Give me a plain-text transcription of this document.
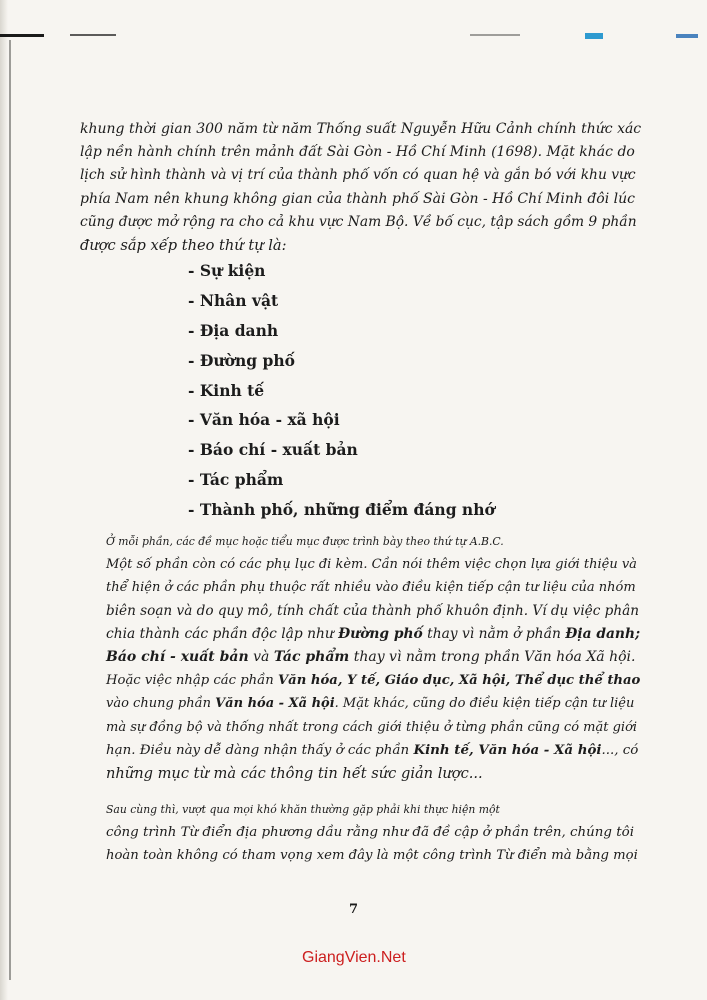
khung thời gian 300 năm từ năm Thống suất Nguyễn Hữu Cảnh chính thức xác
lập nền hành chính trên mảnh đất Sài Gòn - Hồ Chí Minh (1698). Mặt khác do
lịch sử hình thành và vị trí của thành phố vốn có quan hệ và gắn bó với khu vực
phía Nam nên khung không gian của thành phố Sài Gòn - Hồ Chí Minh đôi lúc
cũng được mở rộng ra cho cả khu vực Nam Bộ. Về bố cục, tập sách gồm 9 phần
được sắp xếp theo thứ tự là:

- Sự kiện
- Nhân vật
- Địa danh
- Đường phố
- Kinh tế
- Văn hóa - xã hội
- Báo chí - xuất bản
- Tác phẩm
- Thành phố, những điểm đáng nhớ

Ở mỗi phần, các đề mục hoặc tiểu mục được trình bày theo thứ tự A.B.C.
Một số phần còn có các phụ lục đi kèm. Cần nói thêm việc chọn lựa giới thiệu và
thể hiện ở các phần phụ thuộc rất nhiều vào điều kiện tiếp cận tư liệu của nhóm
biên soạn và do quy mô, tính chất của thành phố khuôn định. Ví dụ việc phân
chia thành các phần độc lập như Đường phố thay vì nằm ở phần Địa danh;
Báo chí - xuất bản và Tác phẩm thay vì nằm trong phần Văn hóa Xã hội.
Hoặc việc nhập các phần Văn hóa, Y tế, Giáo dục, Xã hội, Thể dục thể thao
vào chung phần Văn hóa - Xã hội. Mặt khác, cũng do điều kiện tiếp cận tư liệu
mà sự đồng bộ và thống nhất trong cách giới thiệu ở từng phần cũng có mặt giới
hạn. Điều này dễ dàng nhận thấy ở các phần Kinh tế, Văn hóa - Xã hội..., có
những mục từ mà các thông tin hết sức giản lược...

Sau cùng thì, vượt qua mọi khó khăn thường gặp phải khi thực hiện một
công trình Từ điển địa phương dầu rằng như đã đề cập ở phần trên, chúng tôi
hoàn toàn không có tham vọng xem đây là một công trình Từ điển mà bằng mọi

7
GiangVien.Net
